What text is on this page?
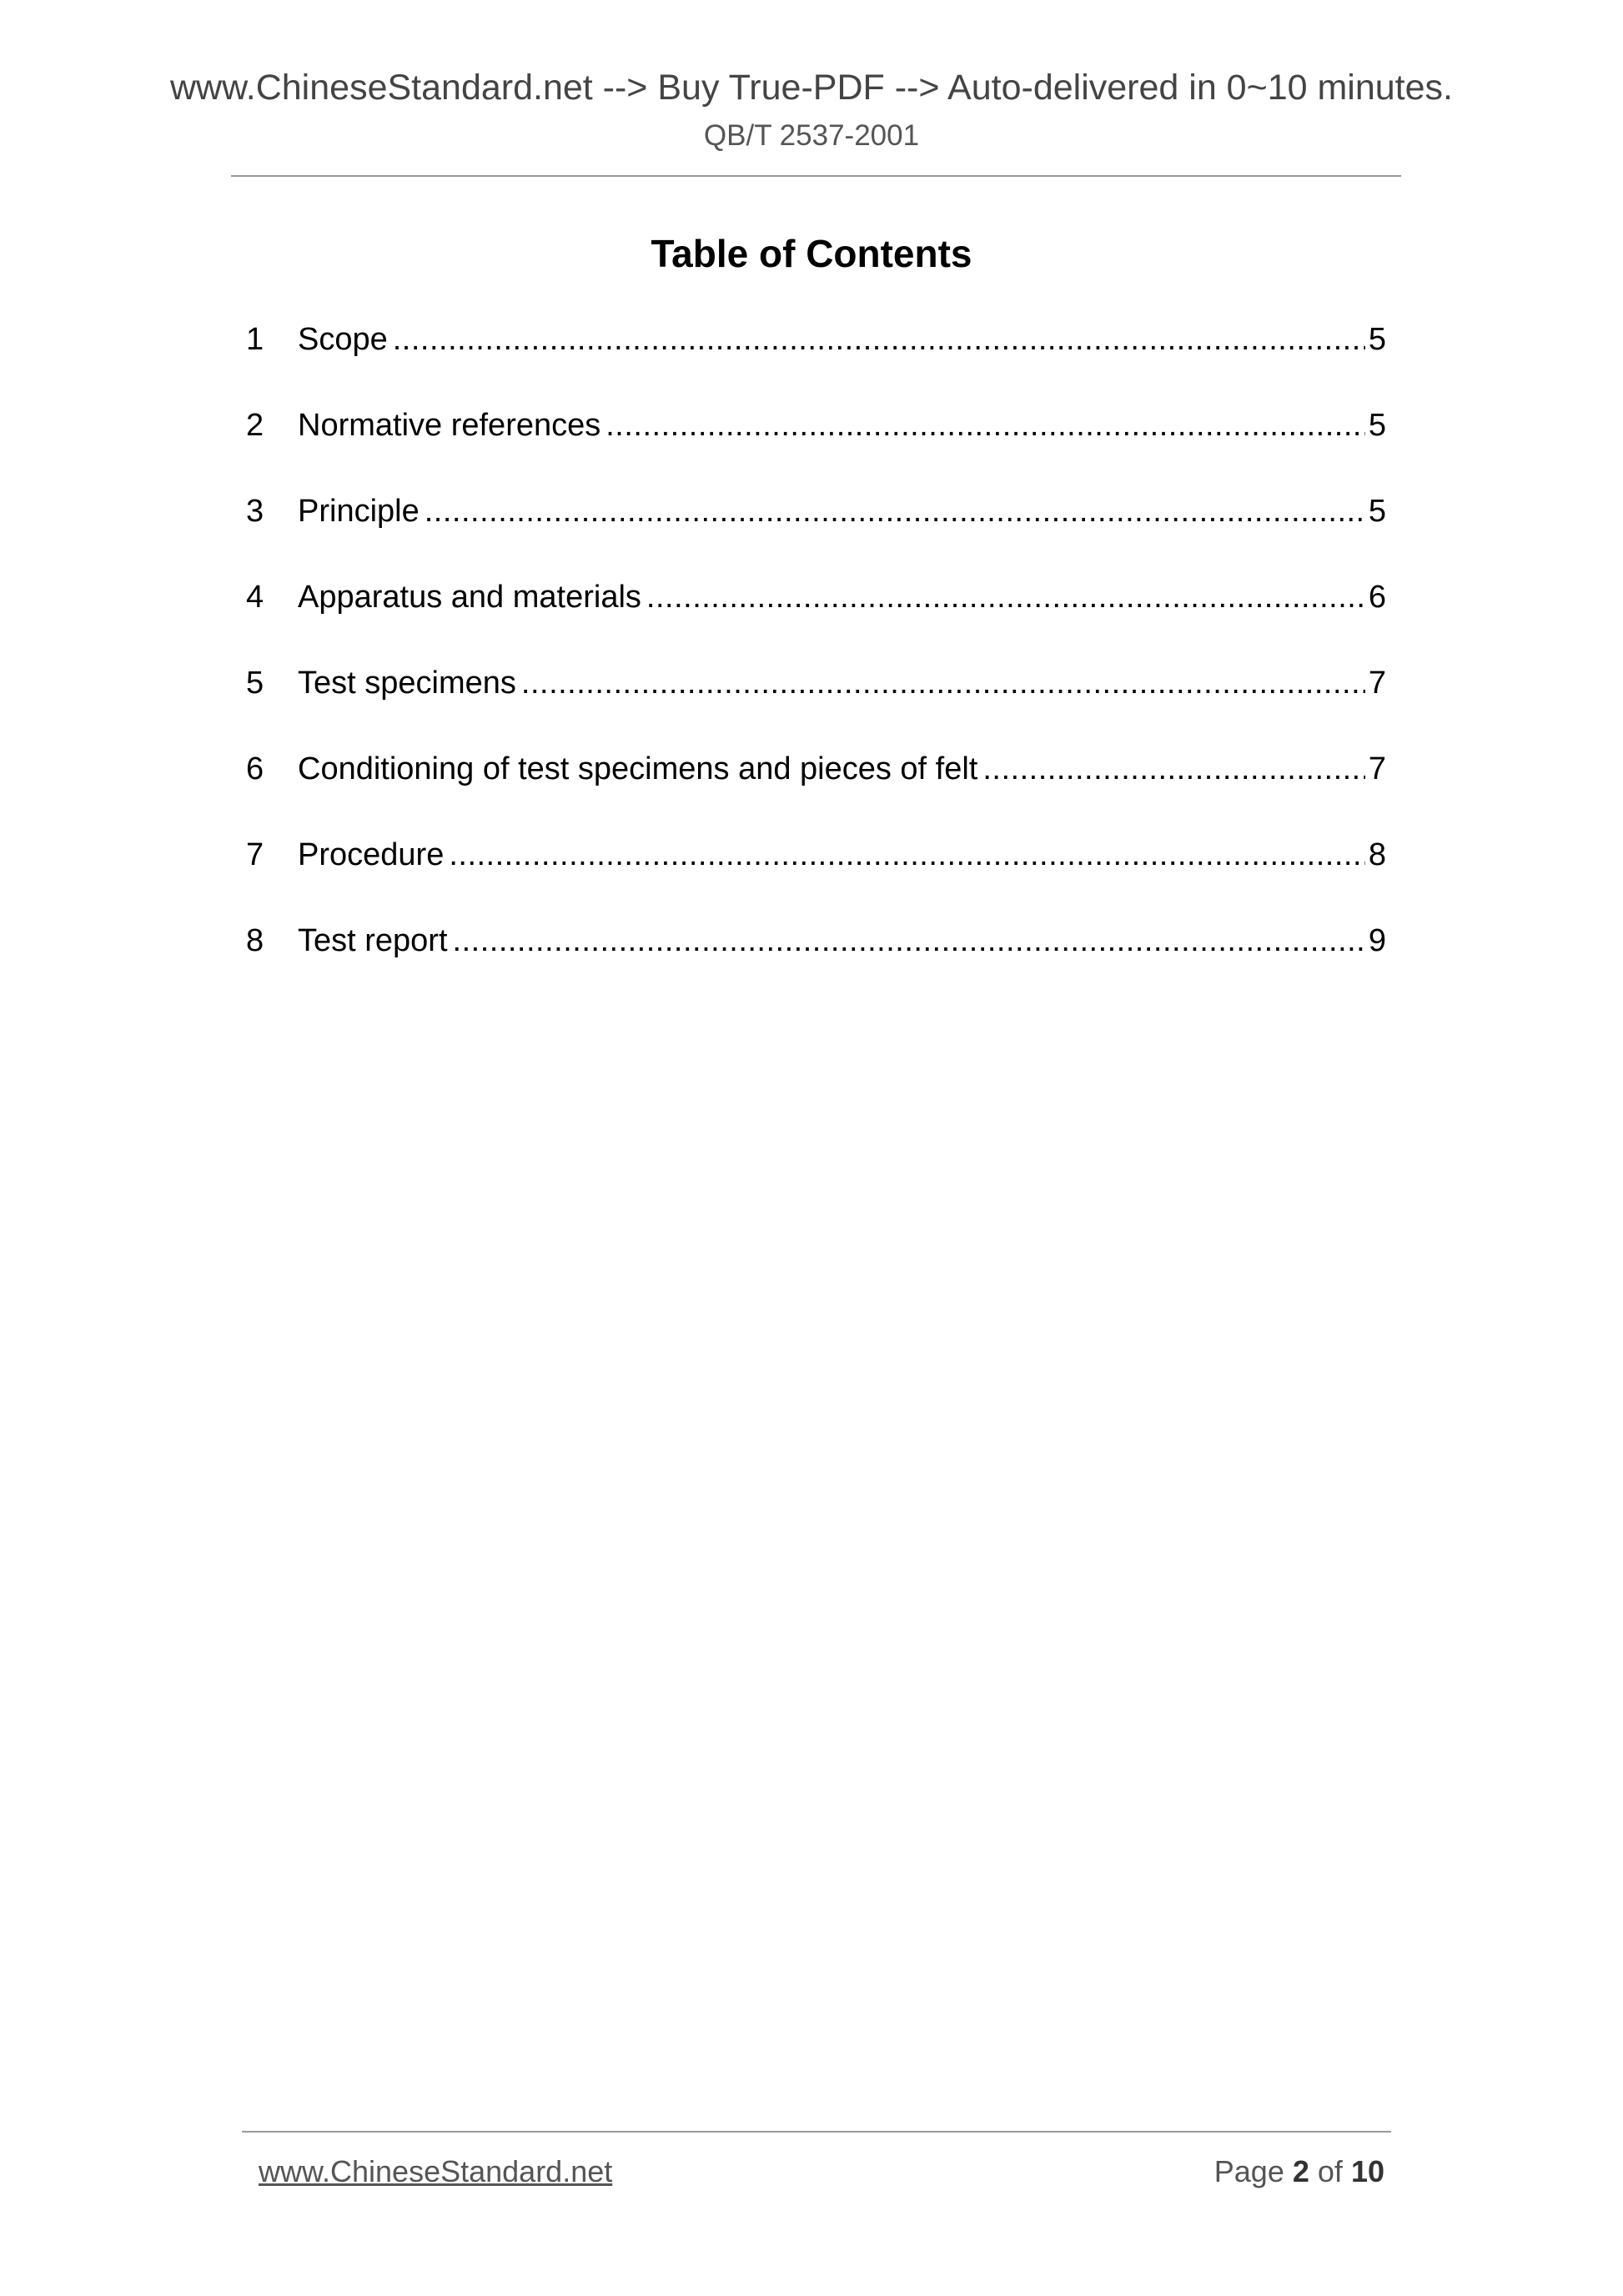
www.ChineseStandard.net --> Buy True-PDF --> Auto-delivered in 0~10 minutes.
QB/T 2537-2001
Table of Contents
1	Scope .....	5
2	Normative references .....	5
3	Principle .....	5
4	Apparatus and materials .....	6
5	Test specimens .....	7
6	Conditioning of test specimens and pieces of felt .....	7
7	Procedure .....	8
8	Test report .....	9
www.ChineseStandard.net	Page 2 of 10
